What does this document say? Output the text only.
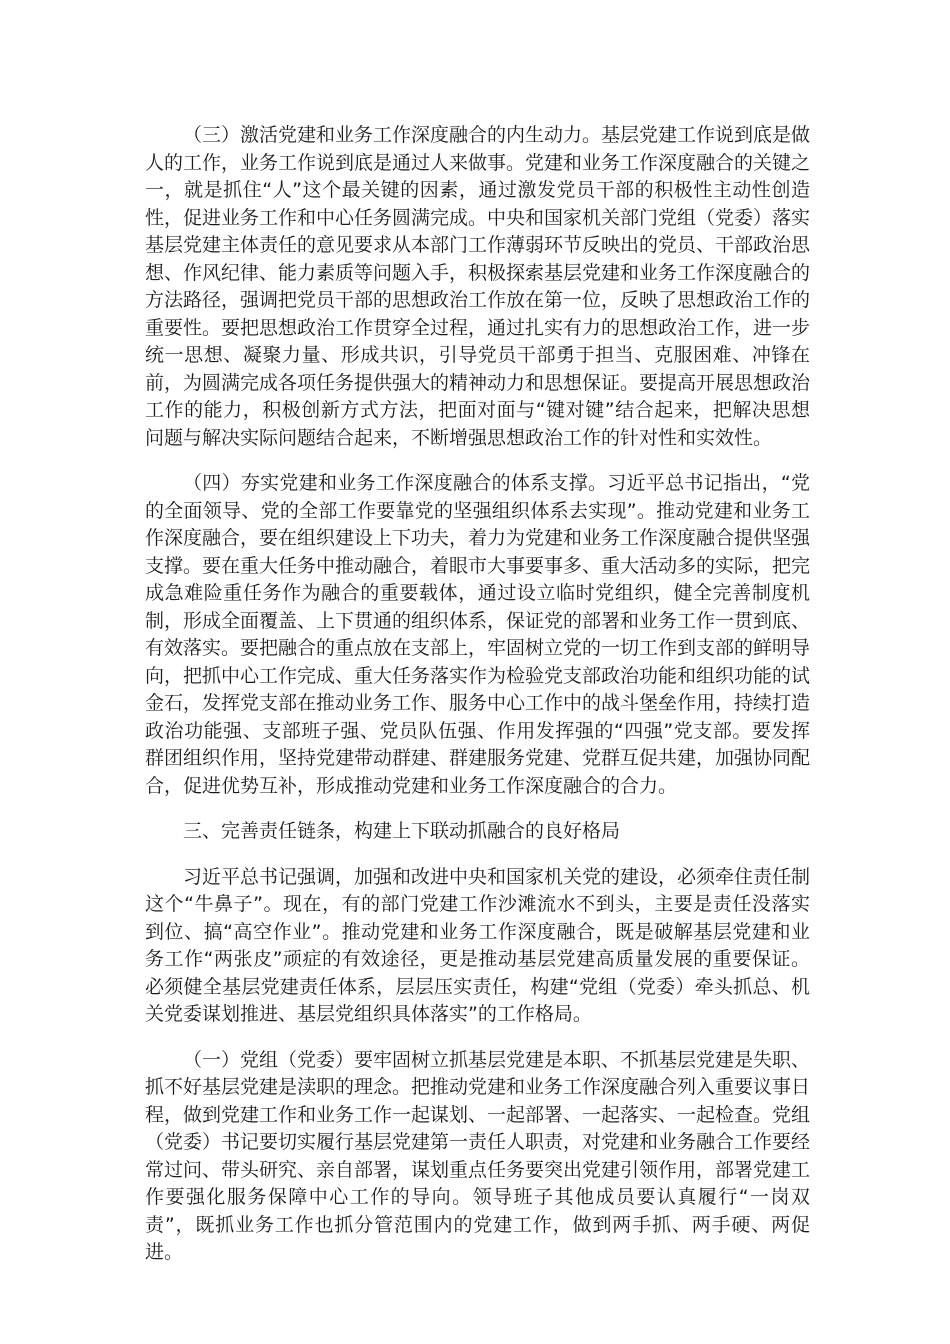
（三）激活党建和业务工作深度融合的内生动力。基层党建工作说到底是做人的工作，业务工作说到底是通过人来做事。党建和业务工作深度融合的关键之一，就是抓住“人”这个最关键的因素，通过激发党员干部的积极性主动性创造性，促进业务工作和中心任务圆满完成。中央和国家机关部门党组（党委）落实基层党建主体责任的意见要求从本部门工作薄弱环节反映出的党员、干部政治思想、作风纪律、能力素质等问题入手，积极探索基层党建和业务工作深度融合的方法路径，强调把党员干部的思想政治工作放在第一位，反映了思想政治工作的重要性。要把思想政治工作贯穿全过程，通过扎实有力的思想政治工作，进一步统一思想、凝聚力量、形成共识，引导党员干部勇于担当、克服困难、冲锋在前，为圆满完成各项任务提供强大的精神动力和思想保证。要提高开展思想政治工作的能力，积极创新方式方法，把面对面与“键对键”结合起来，把解决思想问题与解决实际问题结合起来，不断增强思想政治工作的针对性和实效性。

（四）夯实党建和业务工作深度融合的体系支撑。习近平总书记指出，“党的全面领导、党的全部工作要靠党的坚强组织体系去实现”。推动党建和业务工作深度融合，要在组织建设上下功夫，着力为党建和业务工作深度融合提供坚强支撑。要在重大任务中推动融合，着眼市大事要事多、重大活动多的实际，把完成急难险重任务作为融合的重要载体，通过设立临时党组织，健全完善制度机制，形成全面覆盖、上下贯通的组织体系，保证党的部署和业务工作一贯到底、有效落实。要把融合的重点放在支部上，牢固树立党的一切工作到支部的鲜明导向，把抓中心工作完成、重大任务落实作为检验党支部政治功能和组织功能的试金石，发挥党支部在推动业务工作、服务中心工作中的战斗堡垒作用，持续打造政治功能强、支部班子强、党员队伍强、作用发挥强的“四强”党支部。要发挥群团组织作用，坚持党建带动群建、群建服务党建、党群互促共建，加强协同配合，促进优势互补，形成推动党建和业务工作深度融合的合力。

三、完善责任链条，构建上下联动抓融合的良好格局

习近平总书记强调，加强和改进中央和国家机关党的建设，必须牵住责任制这个“牛鼻子”。现在，有的部门党建工作沙滩流水不到头，主要是责任没落实到位、搞“高空作业”。推动党建和业务工作深度融合，既是破解基层党建和业务工作“两张皮”顽症的有效途径，更是推动基层党建高质量发展的重要保证。必须健全基层党建责任体系，层层压实责任，构建“党组（党委）牵头抓总、机关党委谋划推进、基层党组织具体落实”的工作格局。

（一）党组（党委）要牢固树立抓基层党建是本职、不抓基层党建是失职、抓不好基层党建是渎职的理念。把推动党建和业务工作深度融合列入重要议事日程，做到党建工作和业务工作一起谋划、一起部署、一起落实、一起检查。党组（党委）书记要切实履行基层党建第一责任人职责，对党建和业务融合工作要经常过问、带头研究、亲自部署，谋划重点任务要突出党建引领作用，部署党建工作要强化服务保障中心工作的导向。领导班子其他成员要认真履行“一岗双责”，既抓业务工作也抓分管范围内的党建工作，做到两手抓、两手硬、两促进。
